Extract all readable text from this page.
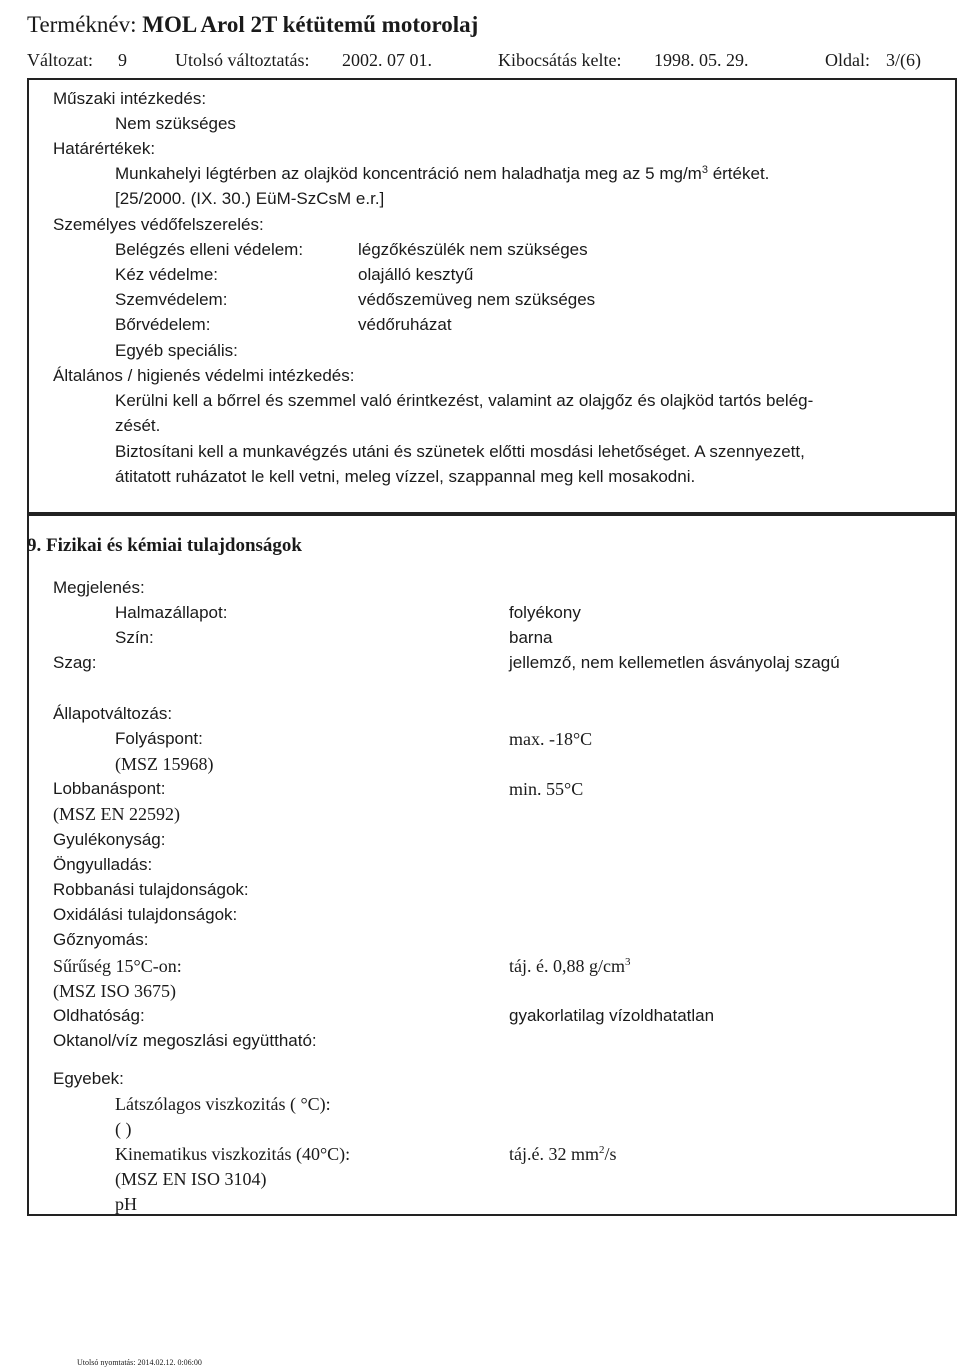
Terméknév: MOL Arol 2T kétütemű motorolaj
Változat: 9	Utolsó változtatás: 2002. 07 01.	Kibocsátás kelte: 1998. 05. 29.	Oldal: 3/(6)
Műszaki intézkedés:
Nem szükséges
Határértékek:
Munkahelyi légtérben az olajköd koncentráció nem haladhatja meg az 5 $mg/m^3$ értéket.
[25/2000. (IX. 30.) EüM-SzCsM e.r.]
Személyes védőfelszerelés:
Belégzés elleni védelem:	légzőkészülék nem szükséges
Kéz védelme:	olajálló kesztyű
Szemvédelem:	védőszemüveg nem szükséges
Bőrvédelem:	védőruházat
Egyéb speciális:
Általános / higienés védelmi intézkedés:
Kerülni kell a bőrrel és szemmel való érintkezést, valamint az olajgőz és olajköd tartós belég-
zését.
Biztosítani kell a munkavégzés utáni és szünetek előtti mosdási lehetőséget. A szennyezett,
átitatott ruházatot le kell vetni, meleg vízzel, szappannal meg kell mosakodni.
9. Fizikai és kémiai tulajdonságok
Megjelenés:
Halmazállapot:	folyékony
Szín:	barna
Szag:	jellemző, nem kellemetlen ásványolaj szagú
Állapotváltozás:
Folyáspont:	max. -18°C
(MSZ 15968)
Lobbanáspont:	min. 55°C
(MSZ EN 22592)
Gyulékonyság:
Öngyulladás:
Robbanási tulajdonságok:
Oxidálási tulajdonságok:
Gőznyomás:
Sűrűség 15°C-on:	táj. é. 0,88 $g/cm^3$
(MSZ ISO 3675)
Oldhatóság:	gyakorlatilag vízoldhatatlan
Oktanol/víz megoszlási együttható:
Egyebek:
Látszólagos viszkozitás ( °C):
( )
Kinematikus viszkozitás (40°C):	táj.é. 32 $mm^2/s$
(MSZ EN ISO 3104)
pH
Utolsó nyomtatás: 2014.02.12. 0:06:00
